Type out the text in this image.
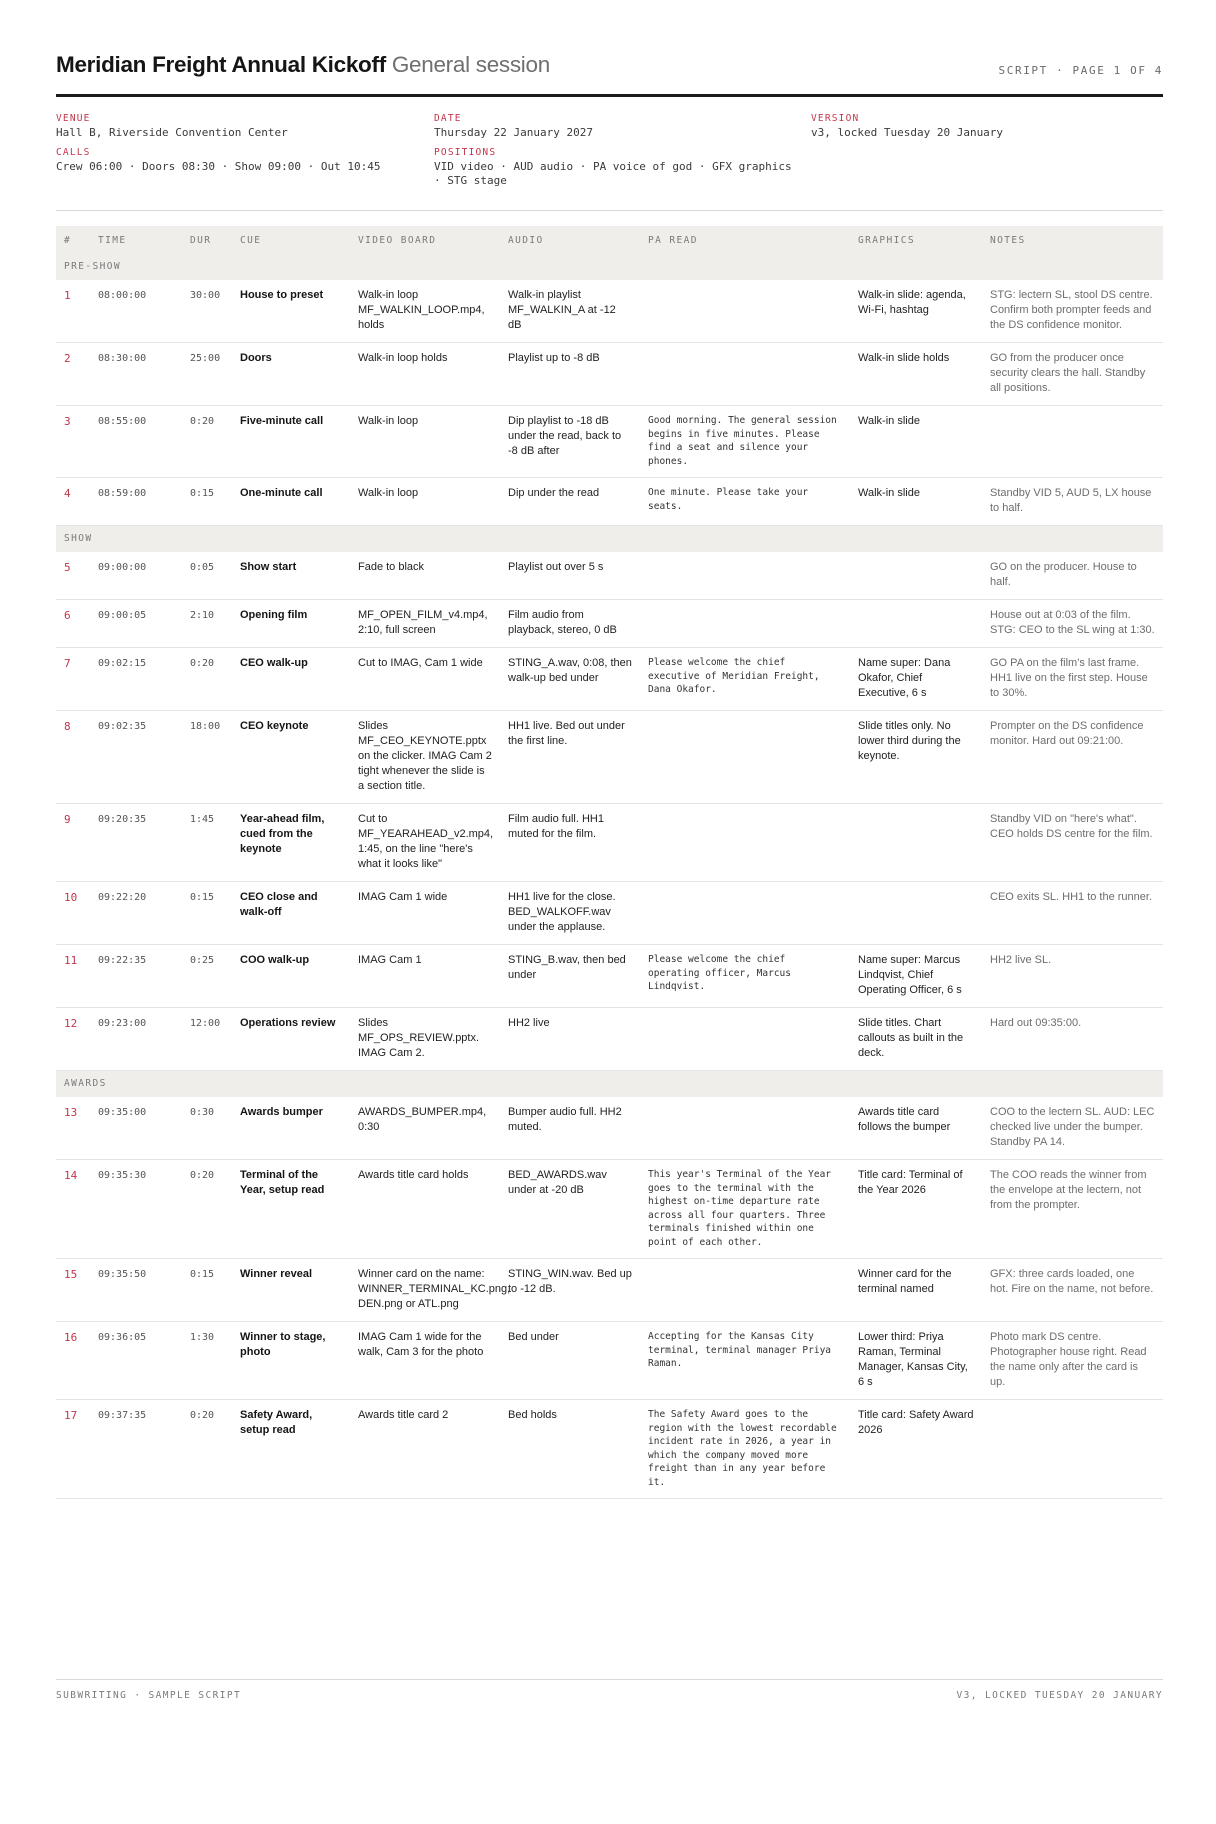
Meridian Freight Annual Kickoff General session	SCRIPT · PAGE 1 OF 4
VENUE
Hall B, Riverside Convention Center
DATE
Thursday 22 January 2027
VERSION
v3, locked Tuesday 20 January
CALLS
Crew 06:00 · Doors 08:30 · Show 09:00 · Out 10:45
POSITIONS
VID video · AUD audio · PA voice of god · GFX graphics · STG stage
#	TIME	DUR	CUE	VIDEO BOARD	AUDIO	PA READ	GRAPHICS	NOTES
PRE-SHOW								
1	08:00:00	30:00	House to preset	Walk-in loop MF_WALKIN_LOOP.mp4, holds	Walk-in playlist MF_WALKIN_A at -12 dB		Walk-in slide: agenda, Wi-Fi, hashtag	STG: lectern SL, stool DS centre. Confirm both prompter feeds and the DS confidence monitor.
2	08:30:00	25:00	Doors	Walk-in loop holds	Playlist up to -8 dB		Walk-in slide holds	GO from the producer once security clears the hall. Standby all positions.
3	08:55:00	0:20	Five-minute call	Walk-in loop	Dip playlist to -18 dB under the read, back to -8 dB after	Good morning. The general session begins in five minutes. Please find a seat and silence your phones.	Walk-in slide	
4	08:59:00	0:15	One-minute call	Walk-in loop	Dip under the read	One minute. Please take your seats.	Walk-in slide	Standby VID 5, AUD 5, LX house to half.
SHOW								
5	09:00:00	0:05	Show start	Fade to black	Playlist out over 5 s			GO on the producer. House to half.
6	09:00:05	2:10	Opening film	MF_OPEN_FILM_v4.mp4, 2:10, full screen	Film audio from playback, stereo, 0 dB			House out at 0:03 of the film. STG: CEO to the SL wing at 1:30.
7	09:02:15	0:20	CEO walk-up	Cut to IMAG, Cam 1 wide	STING_A.wav, 0:08, then walk-up bed under	Please welcome the chief executive of Meridian Freight, Dana Okafor.	Name super: Dana Okafor, Chief Executive, 6 s	GO PA on the film's last frame. HH1 live on the first step. House to 30%.
8	09:02:35	18:00	CEO keynote	Slides MF_CEO_KEYNOTE.pptx on the clicker. IMAG Cam 2 tight whenever the slide is a section title.	HH1 live. Bed out under the first line.		Slide titles only. No lower third during the keynote.	Prompter on the DS confidence monitor. Hard out 09:21:00.
9	09:20:35	1:45	Year-ahead film, cued from the keynote	Cut to MF_YEARAHEAD_v2.mp4, 1:45, on the line "here's what it looks like"	Film audio full. HH1 muted for the film.			Standby VID on "here's what". CEO holds DS centre for the film.
10	09:22:20	0:15	CEO close and walk-off	IMAG Cam 1 wide	HH1 live for the close. BED_WALKOFF.wav under the applause.			CEO exits SL. HH1 to the runner.
11	09:22:35	0:25	COO walk-up	IMAG Cam 1	STING_B.wav, then bed under	Please welcome the chief operating officer, Marcus Lindqvist.	Name super: Marcus Lindqvist, Chief Operating Officer, 6 s	HH2 live SL.
12	09:23:00	12:00	Operations review	Slides MF_OPS_REVIEW.pptx. IMAG Cam 2.	HH2 live		Slide titles. Chart callouts as built in the deck.	Hard out 09:35:00.
AWARDS								
13	09:35:00	0:30	Awards bumper	AWARDS_BUMPER.mp4, 0:30	Bumper audio full. HH2 muted.		Awards title card follows the bumper	COO to the lectern SL. AUD: LEC checked live under the bumper. Standby PA 14.
14	09:35:30	0:20	Terminal of the Year, setup read	Awards title card holds	BED_AWARDS.wav under at -20 dB	This year's Terminal of the Year goes to the terminal with the highest on-time departure rate across all four quarters. Three terminals finished within one point of each other.	Title card: Terminal of the Year 2026	The COO reads the winner from the envelope at the lectern, not from the prompter.
15	09:35:50	0:15	Winner reveal	Winner card on the name: WINNER_TERMINAL_KC.png, DEN.png or ATL.png	STING_WIN.wav. Bed up to -12 dB.		Winner card for the terminal named	GFX: three cards loaded, one hot. Fire on the name, not before.
16	09:36:05	1:30	Winner to stage, photo	IMAG Cam 1 wide for the walk, Cam 3 for the photo	Bed under	Accepting for the Kansas City terminal, terminal manager Priya Raman.	Lower third: Priya Raman, Terminal Manager, Kansas City, 6 s	Photo mark DS centre. Photographer house right. Read the name only after the card is up.
17	09:37:35	0:20	Safety Award, setup read	Awards title card 2	Bed holds	The Safety Award goes to the region with the lowest recordable incident rate in 2026, a year in which the company moved more freight than in any year before it.	Title card: Safety Award 2026	
SUBWRITING · SAMPLE SCRIPT	V3, LOCKED TUESDAY 20 JANUARY
